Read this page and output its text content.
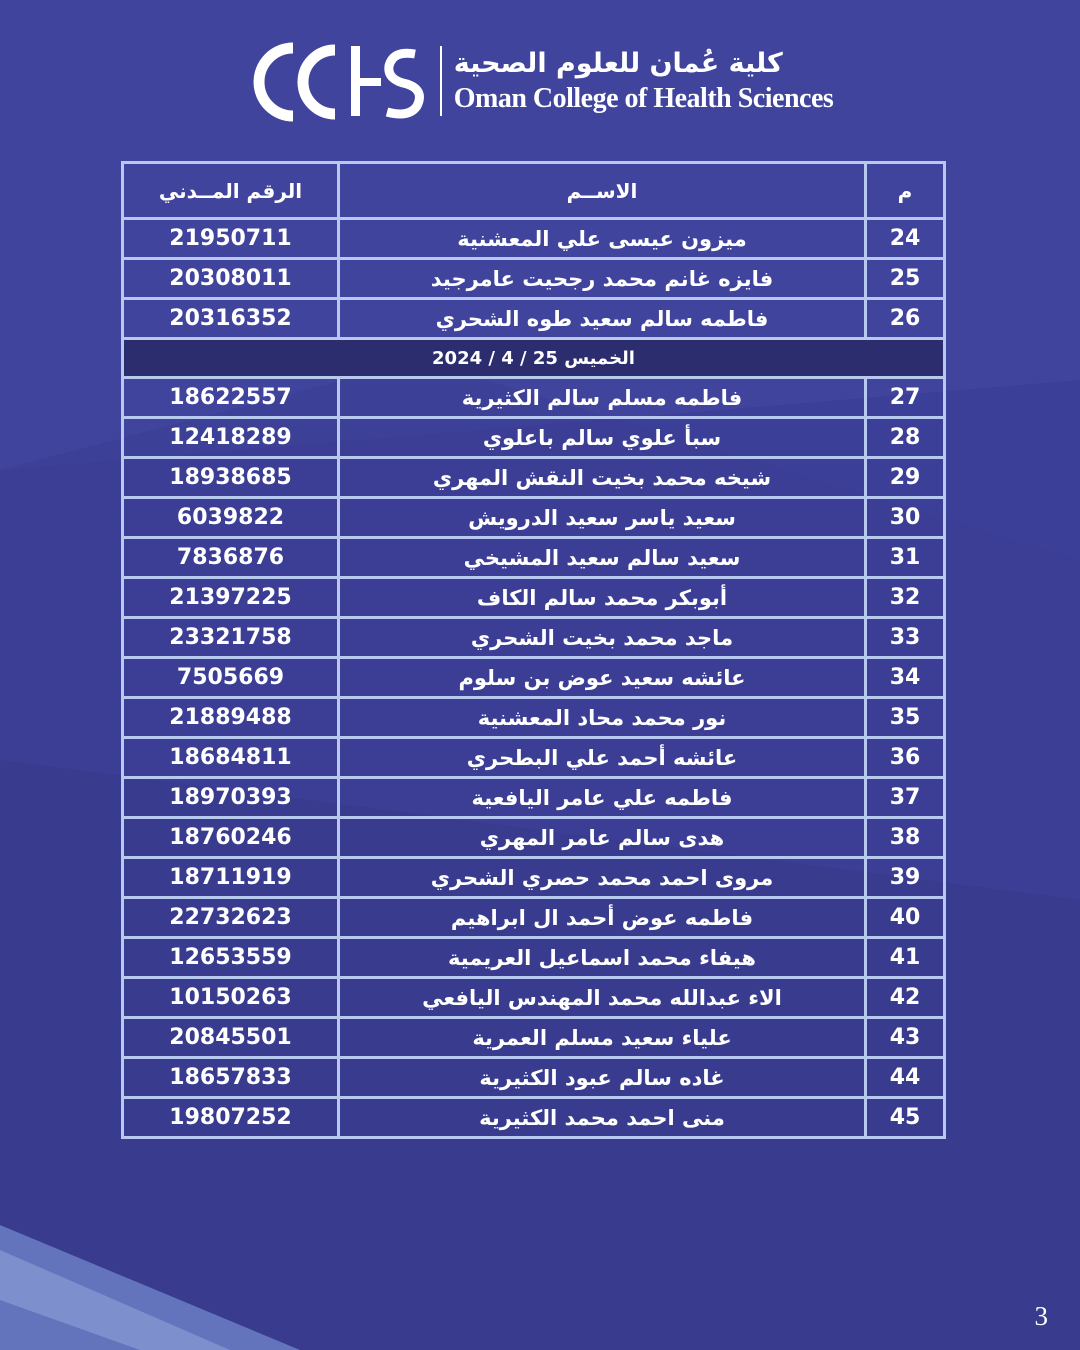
كلية عُمان للعلوم الصحية
Oman College of Health Sciences
م	الاســم	الرقم المــدني
24	ميزون عيسى علي المعشنية	21950711
25	فايزه غانم محمد رجحيت عامرجيد	20308011
26	فاطمه سالم سعيد طوه الشحري	20316352
الخميس 25 / 4 / 2024		
27	فاطمه مسلم سالم الكثيرية	18622557
28	سبأ علوي سالم باعلوي	12418289
29	شيخه محمد بخيت النقش المهري	18938685
30	سعيد ياسر سعيد الدرويش	6039822
31	سعيد سالم سعيد المشيخي	7836876
32	أبوبكر محمد سالم الكاف	21397225
33	ماجد محمد بخيت الشحري	23321758
34	عائشه سعيد عوض بن سلوم	7505669
35	نور محمد محاد المعشنية	21889488
36	عائشه أحمد علي البطحري	18684811
37	فاطمه علي عامر اليافعية	18970393
38	هدى سالم عامر المهري	18760246
39	مروى احمد محمد حصري الشحري	18711919
40	فاطمه عوض أحمد ال ابراهيم	22732623
41	هيفاء محمد اسماعيل العريمية	12653559
42	الاء عبدالله محمد المهندس اليافعي	10150263
43	علياء سعيد مسلم العمرية	20845501
44	غاده سالم عبود الكثيرية	18657833
45	منى احمد محمد الكثيرية	19807252
3
